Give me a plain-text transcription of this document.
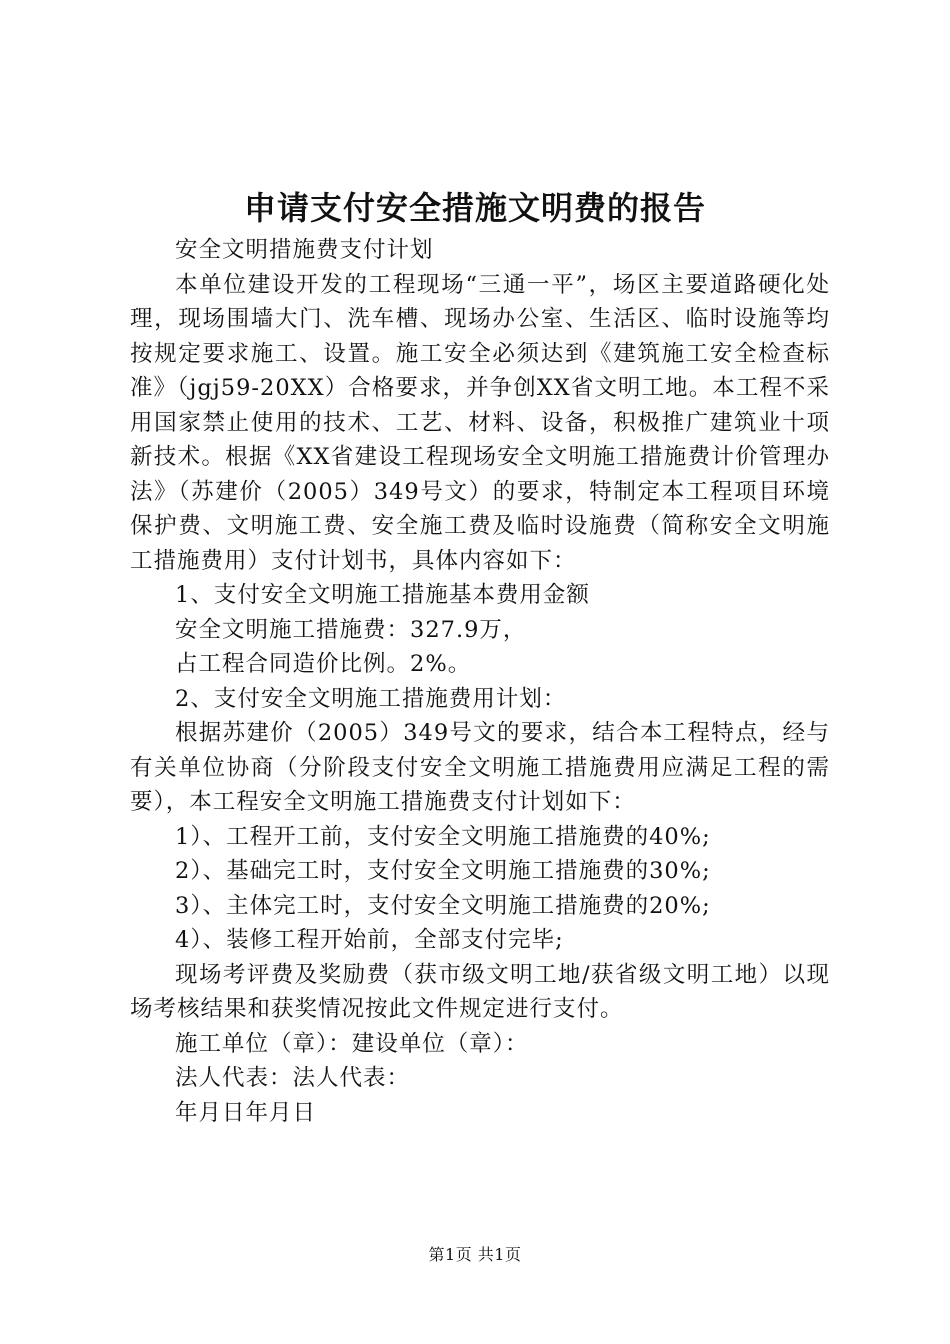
申请支付安全措施文明费的报告

安全文明措施费支付计划

本单位建设开发的工程现场“三通一平”，场区主要道路硬化处理，现场围墙大门、洗车槽、现场办公室、生活区、临时设施等均按规定要求施工、设置。施工安全必须达到《建筑施工安全检查标准》（jgj59-20XX）合格要求，并争创XX省文明工地。本工程不采用国家禁止使用的技术、工艺、材料、设备，积极推广建筑业十项新技术。根据《XX省建设工程现场安全文明施工措施费计价管理办法》（苏建价（2005）349号文）的要求，特制定本工程项目环境保护费、文明施工费、安全施工费及临时设施费（简称安全文明施工措施费用）支付计划书，具体内容如下：

1、支付安全文明施工措施基本费用金额

安全文明施工措施费：327.9万，

占工程合同造价比例。2%。

2、支付安全文明施工措施费用计划：

根据苏建价（2005）349号文的要求，结合本工程特点，经与有关单位协商（分阶段支付安全文明施工措施费用应满足工程的需要），本工程安全文明施工措施费支付计划如下：

1）、工程开工前，支付安全文明施工措施费的40%;

2）、基础完工时，支付安全文明施工措施费的30%;

3）、主体完工时，支付安全文明施工措施费的20%;

4）、装修工程开始前，全部支付完毕;

现场考评费及奖励费（获市级文明工地/获省级文明工地）以现场考核结果和获奖情况按此文件规定进行支付。

施工单位（章）：建设单位（章）：

法人代表：法人代表：

年月日年月日

第1页 共1页
